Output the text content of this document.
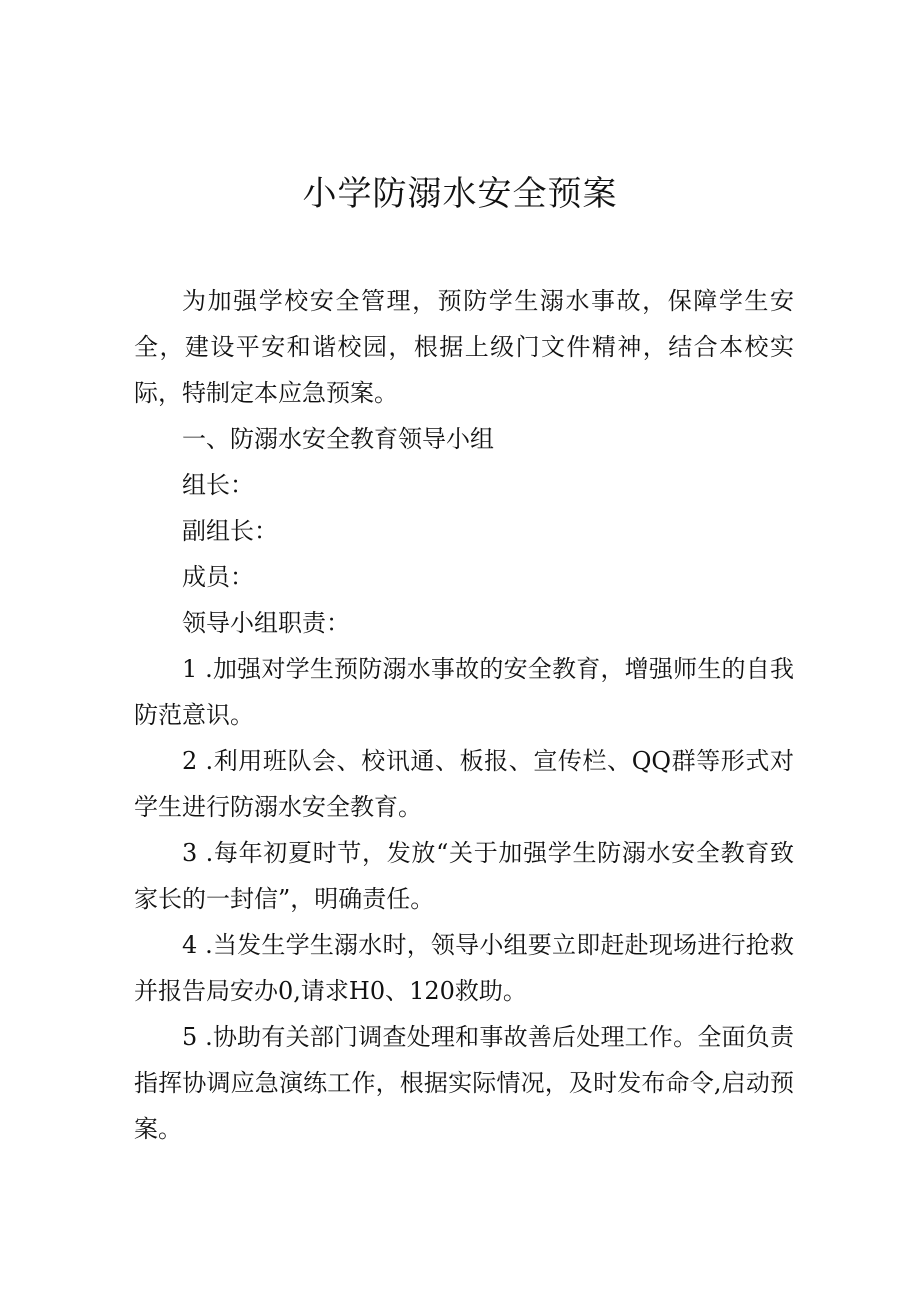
小学防溺水安全预案

为加强学校安全管理，预防学生溺水事故，保障学生安全，建设平安和谐校园，根据上级门文件精神，结合本校实际，特制定本应急预案。

一、防溺水安全教育领导小组

组长：

副组长：

成员：

领导小组职责：

1 .加强对学生预防溺水事故的安全教育，增强师生的自我防范意识。

2 .利用班队会、校讯通、板报、宣传栏、QQ群等形式对学生进行防溺水安全教育。

3 .每年初夏时节，发放“关于加强学生防溺水安全教育致家长的一封信”，明确责任。

4 .当发生学生溺水时，领导小组要立即赶赴现场进行抢救并报告局安办0,请求H0、120救助。

5 .协助有关部门调查处理和事故善后处理工作。全面负责指挥协调应急演练工作，根据实际情况，及时发布命令,启动预案。
